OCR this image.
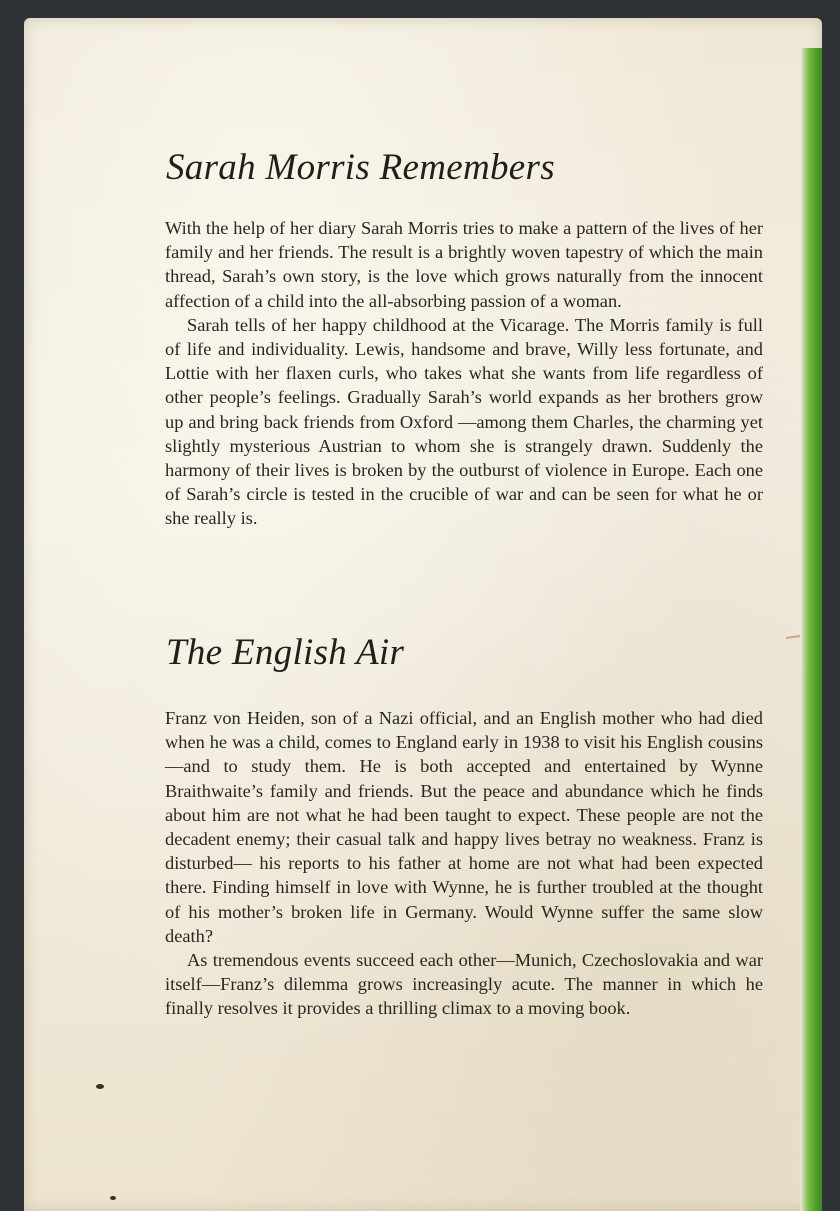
Sarah Morris Remembers

With the help of her diary Sarah Morris tries to make a pattern of the lives of her family and her friends. The result is a brightly woven tapestry of which the main thread, Sarah’s own story, is the love which grows naturally from the innocent affection of a child into the all-absorbing passion of a woman.

Sarah tells of her happy childhood at the Vicarage. The Morris family is full of life and individuality. Lewis, handsome and brave, Willy less fortunate, and Lottie with her flaxen curls, who takes what she wants from life regardless of other people’s feelings. Gradually Sarah’s world expands as her brothers grow up and bring back friends from Oxford —among them Charles, the charming yet slightly mysterious Austrian to whom she is strangely drawn. Suddenly the harmony of their lives is broken by the outburst of violence in Europe. Each one of Sarah’s circle is tested in the crucible of war and can be seen for what he or she really is.

The English Air

Franz von Heiden, son of a Nazi official, and an English mother who had died when he was a child, comes to England early in 1938 to visit his English cousins—and to study them. He is both accepted and entertained by Wynne Braithwaite’s family and friends. But the peace and abundance which he finds about him are not what he had been taught to expect. These people are not the decadent enemy; their casual talk and happy lives betray no weakness. Franz is disturbed— his reports to his father at home are not what had been expected there. Finding himself in love with Wynne, he is further troubled at the thought of his mother’s broken life in Germany. Would Wynne suffer the same slow death?

As tremendous events succeed each other—Munich, Czechoslovakia and war itself—Franz’s dilemma grows increasingly acute. The manner in which he finally resolves it provides a thrilling climax to a moving book.
